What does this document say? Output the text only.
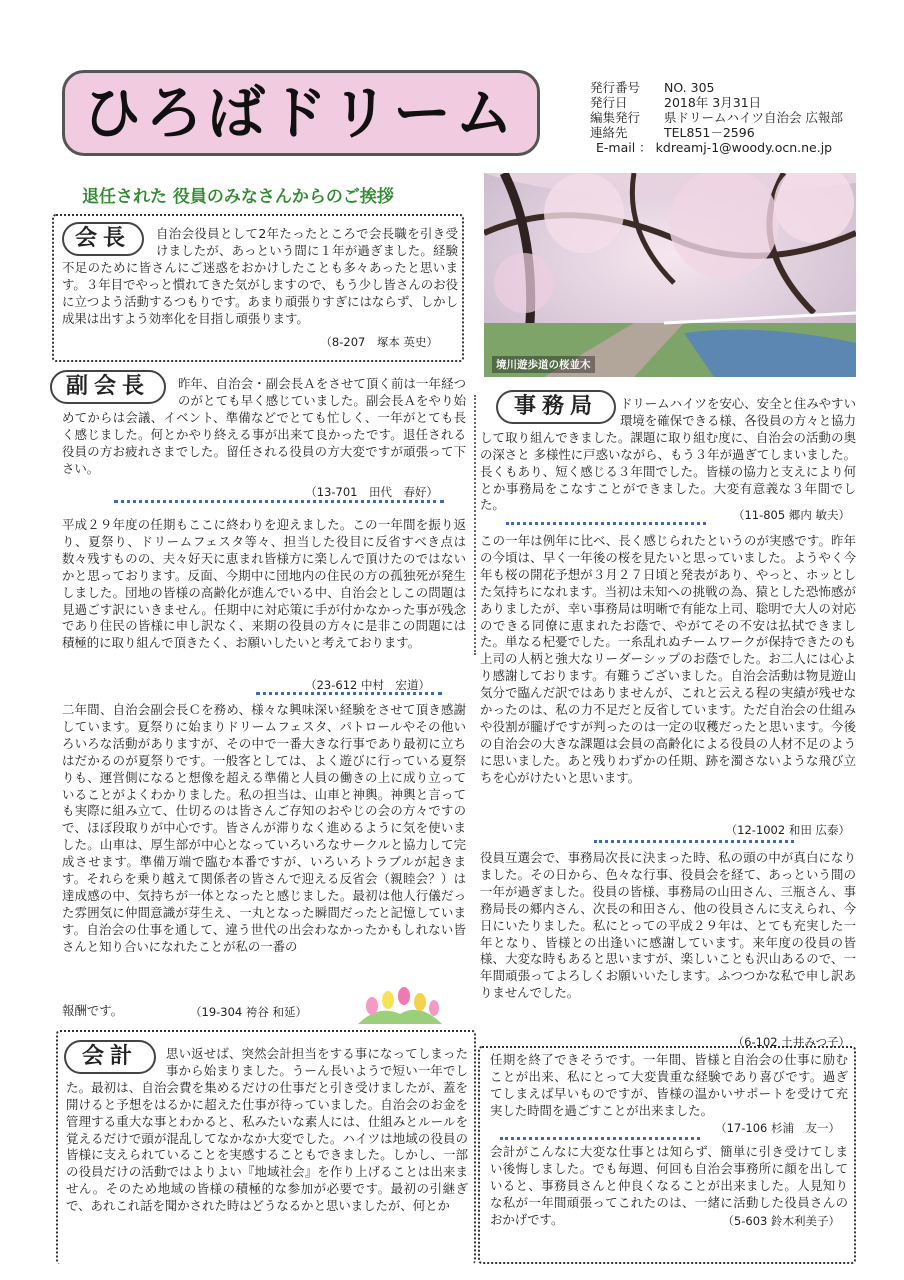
ひろばドリーム	発行番号 NO. 305
発行日	2018年 3月31日
編集発行 県ドリームハイツ自治会 広報部
連絡先	TEL851－2596
E-mail ： kdreamj-1@woody.ocn.ne.jp
退任された 役員のみなさんからのご挨拶
境川遊歩道の桜並木
会長	自治会役員として2年たったところで会長職を引き受けましたが、あっという間に１年が過ぎました。経験不足のために皆さんにご迷惑をおかけしたことも多々あったと思います。３年目でやっと慣れてきた気がしますので、もう少し皆さんのお役に立つよう活動するつもりです。あまり頑張りすぎにはならず、しかし成果は出すよう効率化を目指し頑張ります。

（8-207　塚本 英史）
副会長	昨年、自治会・副会長Ａをさせて頂く前は一年経つのがとても早く感じていました。副会長Ａをやり始めてからは会議、イベント、準備などでとても忙しく、一年がとても長く感じました。何とかやり終える事が出来て良かったです。退任される役員の方お疲れさまでした。留任される役員の方大変ですが頑張って下さい。

（13-701　田代　春好）

平成２９年度の任期もここに終わりを迎えました。この一年間を振り返り、夏祭り、ドリームフェスタ等々、担当した役目に反省すべき点は数々残すものの、夫々好天に恵まれ皆様方に楽しんで頂けたのではないかと思っております。反面、今期中に団地内の住民の方の孤独死が発生しました。団地の皆様の高齢化が進んでいる中、自治会としこの問題は見過ごす訳にいきません。任期中に対応策に手が付かなかった事が残念であり住民の皆様に申し訳なく、来期の役員の方々に是非この問題には積極的に取り組んで頂きたく、お願いしたいと考えております。

（23-612 中村　宏道）

二年間、自治会副会長Ｃを務め、様々な興味深い経験をさせて頂き感謝しています。夏祭りに始まりドリームフェスタ、パトロールやその他いろいろな活動がありますが、その中で一番大きな行事であり最初に立ちはだかるのが夏祭りです。一般客としては、よく遊びに行っている夏祭りも、運営側になると想像を超える準備と人員の働きの上に成り立っていることがよくわかりました。私の担当は、山車と神輿。神輿と言っても実際に組み立て、仕切るのは皆さんご存知のおやじの会の方々ですので、ほぼ段取りが中心です。皆さんが滞りなく進めるように気を使いました。山車は、厚生部が中心となっていろいろなサークルと協力して完成させます。準備万端で臨む本番ですが、いろいろトラブルが起きます。それらを乗り越えて関係者の皆さんで迎える反省会（親睦会？）は達成感の中、気持ちが一体となったと感じました。最初は他人行儀だった雰囲気に仲間意識が芽生え、一丸となった瞬間だったと記憶しています。自治会の仕事を通して、違う世代の出会わなかったかもしれない皆さんと知り合いになれたことが私の一番の

報酬です。	（19-304 袴谷 和延）
事務局	ドリームハイツを安心、安全と住みやすい環境を確保できる様、各役員の方々と協力して取り組んできました。課題に取り組む度に、自治会の活動の奥の深さと 多様性に戸惑いながら、もう３年が過ぎてしまいました。長くもあり、短く感じる３年間でした。皆様の協力と支えにより何とか事務局をこなすことができました。大変有意義な３年間でした。

（11-805 郷内 敏夫）

この一年は例年に比べ、長く感じられたというのが実感です。昨年の今頃は、早く一年後の桜を見たいと思っていました。ようやく今年も桜の開花予想が３月２７日頃と発表があり、やっと、ホッとした気持ちになれます。当初は未知への挑戦の為、猿とした恐怖感がありましたが、幸い事務局は明晰で有能な上司、聡明で大人の対応のできる同僚に恵まれたお蔭で、やがてその不安は払拭できました。単なる杞憂でした。一糸乱れぬチームワークが保持できたのも上司の人柄と強大なリーダーシップのお蔭でした。お二人には心より感謝しております。有難うございました。自治会活動は物見遊山気分で臨んだ訳ではありませんが、これと云える程の実績が残せなかったのは、私の力不足だと反省しています。ただ自治会の仕組みや役割が朧げですが判ったのは一定の収穫だったと思います。今後の自治会の大きな課題は会員の高齢化による役員の人材不足のように思いました。あと残りわずかの任期、跡を濁さないような飛び立ちを心がけたいと思います。

（12-1002 和田 広泰）

役員互選会で、事務局次長に決まった時、私の頭の中が真白になりました。その日から、色々な行事、役員会を経て、あっという間の一年が過ぎました。役員の皆様、事務局の山田さん、三瓶さん、事務局長の郷内さん、次長の和田さん、他の役員さんに支えられ、今日にいたりました。私にとっての平成２９年は、とても充実した一年となり、皆様との出逢いに感謝しています。来年度の役員の皆様、大変な時もあると思いますが、楽しいことも沢山あるので、一年間頑張ってよろしくお願いいたします。ふつつかな私で申し訳ありませんでした。

（6-102 土井みつ子）
会計	思い返せば、突然会計担当をする事になってしまった事から始まりました。うーん長いようで短い一年でした。最初は、自治会費を集めるだけの仕事だと引き受けましたが、蓋を開けると予想をはるかに超えた仕事が待っていました。自治会のお金を管理する重大な事とわかると、私みたいな素人には、仕組みとルールを覚えるだけで頭が混乱してなかなか大変でした。ハイツは地域の役員の皆様に支えられていることを実感することもできました。しかし、一部の役員だけの活動ではよりよい『地域社会』を作り上げることは出来ません。そのため地域の皆様の積極的な参加が必要です。最初の引継ぎで、あれこれ話を聞かされた時はどうなるかと思いましたが、何とか

任期を終了できそうです。一年間、皆様と自治会の仕事に励むことが出来、私にとって大変貴重な経験であり喜びです。過ぎてしまえば早いものですが、皆様の温かいサポートを受けて充実した時間を過ごすことが出来ました。

（17-106 杉浦　友一）

会計がこんなに大変な仕事とは知らず、簡単に引き受けてしまい後悔しました。でも毎週、何回も自治会事務所に顔を出していると、事務員さんと仲良くなることが出来ました。人見知りな私が一年間頑張ってこれたのは、一緒に活動した役員さんのおかげです。	（5-603 鈴木利美子）
